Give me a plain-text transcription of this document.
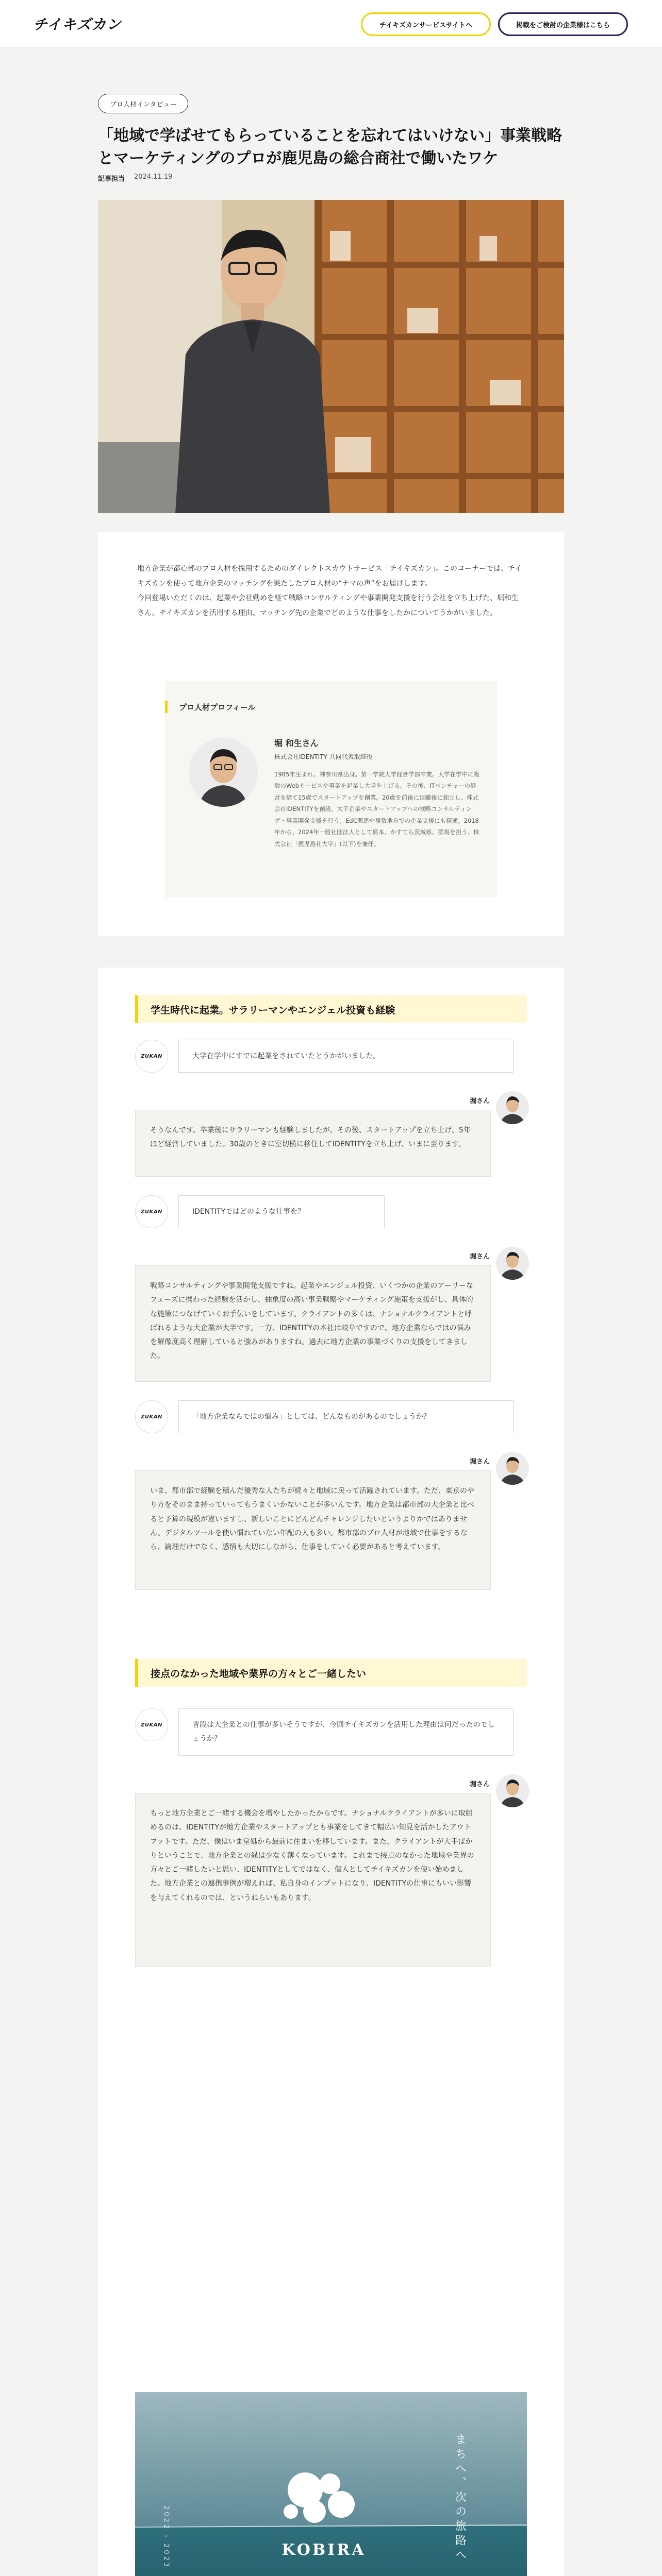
チイキズカン	チイキズカンサービスサイトへ	掲載をご検討の企業様はこちら
プロ人材インタビュー
「地域で学ばせてもらっていることを忘れてはいけない」事業戦略とマーケティングのプロが鹿児島の総合商社で働いたワケ
記事担当 2024.11.19

地方企業が都心部のプロ人材を採用するためのダイレクトスカウトサービス「チイキズカン」。このコーナーでは、チイキズカンを使って地方企業のマッチングを果たしたプロ人材の“ナマの声”をお届けします。

今回登場いただくのは、起業や会社勤めを経て戦略コンサルティングや事業開発支援を行う会社を立ち上げた、堀和生さん。チイキズカンを活用する理由、マッチング先の企業でどのような仕事をしたかについてうかがいました。

プロ人材プロフィール
堀 和生さん
株式会社IDENTITY 共同代表取締役
1985年生まれ。神奈川県出身。第一学院大学経営学部卒業。大学在学中に複数のWebサービスや事業を起業し大学を上げる。その後、ITベンチャーの経営を経て15歳でスタートアップを創業。20歳を前後に退職後に独立し、株式会社IDENTITYを創設。大手企業やスタートアップへの戦略コンサルティング・事業開発支援を行う。EdC関連や複数地方での企業支援にも精通。2018年から、2024年一般社団法人として熊本、かすてら茨城県、群馬を担う。株式会社「鹿児島社大学」(以下)を兼任。
学生時代に起業。サラリーマンやエンジェル投資も経験
ZUKAN	大学在学中にすでに起業をされていたとうかがいました。
堀さん
そうなんです。卒業後にサラリーマンも経験しましたが、その後、スタートアップを立ち上げ、5年ほど経営していました。30歳のときに室切横に移住してIDENTITYを立ち上げ、いまに至ります。
ZUKAN	IDENTITYではどのような仕事を？
堀さん
戦略コンサルティングや事業開発支援ですね。起業やエンジェル投資、いくつかの企業のアーリーなフェーズに携わった経験を活かし、抽象度の高い事業戦略やマーケティング施策を支援がし、具体的な施策につなげていくお手伝いをしています。クライアントの多くは、ナショナルクライアントと呼ばれるような大企業が大半です。一方、IDENTITYの本社は岐阜ですので、地方企業ならではの悩みを解像度高く理解していると強みがありますね。過去に地方企業の事業づくりの支援をしてきました。
ZUKAN	「地方企業ならではの悩み」としては、どんなものがあるのでしょうか？
堀さん
いま、都市部で経験を積んだ優秀な人たちが続々と地域に戻って活躍されています。ただ、東京のやり方をそのまま持っていってもうまくいかないことが多いんです。地方企業は都市部の大企業と比べると予算の規模が違いますし、新しいことにどんどんチャレンジしたいというよりかではありません。デジタルツールを使い慣れていない年配の人も多い。都市部のプロ人材が地域で仕事をするなら、論理だけでなく、感情も大切にしながら、仕事をしていく必要があると考えています。
接点のなかった地域や業界の方々とご一緒したい
ZUKAN	普段は大企業との仕事が多いそうですが、今回チイキズカンを活用した理由は何だったのでしょうか？
堀さん
もっと地方企業とご一緒する機会を増やしたかったからです。ナショナルクライアントが多いに取組めるのは、IDENTITYが地方企業やスタートアップとも事業をしてきて幅広い知見を活かしたアウトプットです。ただ、僕はいま堂処から最前に住まいを移しています。また、クライアントが大手ばかりということで、地方企業との縁は少なく薄くなっています。これまで接点のなかった地域や業界の方々とご一緒したいと思い、IDENTITYとしてではなく、個人としてチイキズカンを使い始めました。地方企業との連携事例が増えれば、私自身のインプットになり、IDENTITYの仕事にもいい影響を与えてくれるのでは、というねらいもあります。
KOBIRA	まちへ、次の旅路へ
2022 - 2023
